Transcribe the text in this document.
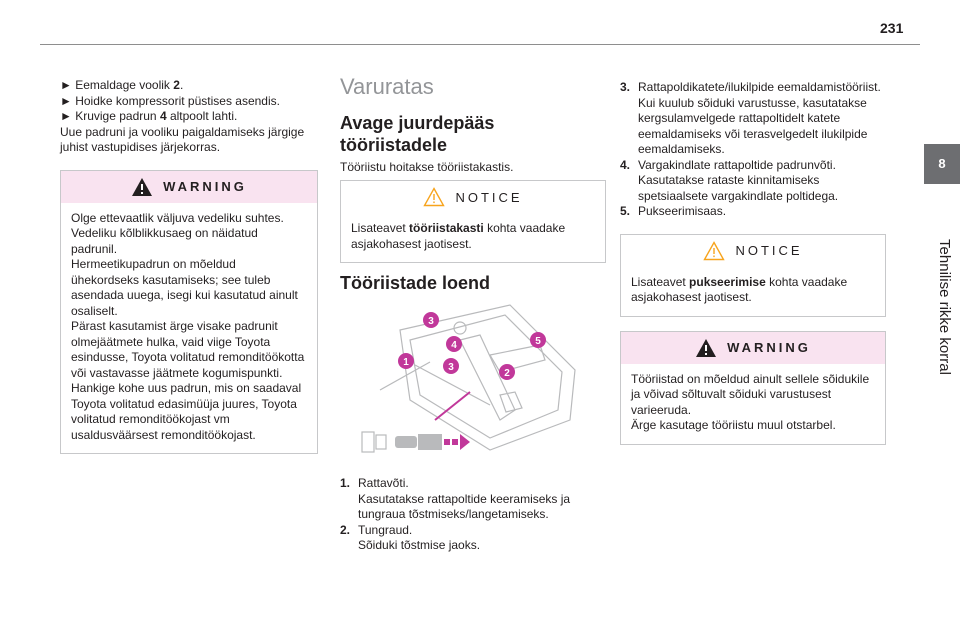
231
8
Tehnilise rikke korral

► Eemaldage voolik 2.

► Hoidke kompressorit püstises asendis.

► Kruvige padrun 4 altpoolt lahti.

Uue padruni ja vooliku paigaldamiseks järgige juhist vastupidises järjekorras.

WARNING
Olge ettevaatlik väljuva vedeliku suhtes.
Vedeliku kõlblikkusaeg on näidatud padrunil.
Hermeetikupadrun on mõeldud ühekordseks kasutamiseks; see tuleb asendada uuega, isegi kui kasutatud ainult osaliselt.
Pärast kasutamist ärge visake padrunit olmejäätmete hulka, vaid viige Toyota esindusse, Toyota volitatud remonditöökotta või vastavasse jäätmete kogumispunkti.
Hankige kohe uus padrun, mis on saadaval Toyota volitatud edasimüüja juures, Toyota volitatud remonditöökojast vm usaldusväärsest remonditöökojast.
Varuratas
Avage juurdepääs tööriistadele
Tööriistu hoitakse tööriistakastis.
NOTICE
Lisateavet tööriistakasti kohta vaadake asjakohasest jaotisest.
Tööriistade loend
3
4
1	3
5
2
1. Rattavõti.
Kasutatakse rattapoltide keeramiseks ja tungraua tõstmiseks/langetamiseks.
2. Tungraud.
Sõiduki tõstmise jaoks.
3. Rattapoldikatete/ilukilpide eemaldamistööriist. Kui kuulub sõiduki varustusse, kasutatakse kergsulamvelgede rattapoltidelt katete eemaldamiseks või terasvelgedelt ilukilpide eemaldamiseks.
4. Vargakindlate rattapoltide padrunvõti. Kasutatakse rataste kinnitamiseks spetsiaalsete vargakindlate poltidega.
5. Pukseerimisaas.
NOTICE
Lisateavet pukseerimise kohta vaadake asjakohasest jaotisest.
WARNING
Tööriistad on mõeldud ainult sellele sõidukile ja võivad sõltuvalt sõiduki varustusest varieeruda.
Ärge kasutage tööriistu muul otstarbel.
